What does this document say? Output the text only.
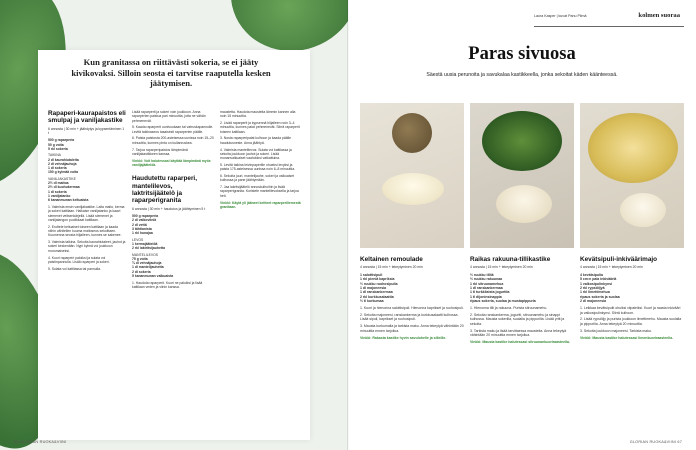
Kun granitassa on riittävästi sokeria, se ei jääty kivikovaksi. Silloin seosta ei tarvitse raaputella kesken jäätymisen.
Rapaperi-kaurapaistos eli smulpaj ja vaniljakastike
6 annosta | 30 min + jäähdytys ja kypsentäminen 1 t
500 g raparperia
50 g voita
5 rkl sokeria
TAIKINA
2 dl kaurahiutaleita
2 dl vehnäjauhoja
1 dl sokeria
150 g kylmää voita
VANILJAKASTIKE
2½ dl maitoa
2½ dl kuohukermaa
1 dl sokeria
1 vaniljatanko
6 kananmunan keltuaista

1. Valmista ensin vaniljakastike. Laita maito, kerma ja sokeri kattilaan. Halkaise vaniljatanko ja kaavi siemenet veitsenkärjellä. Lisää siemenet ja vaniljatangon puolikkaat kattilaan.

2. Erottele keltuaiset toiseen kattilaan ja kaada niihin vähitellen kuuma maitoseos sekoittaen. Kuumenna seosta hiljalleen, kunnes se sakenee.

3. Valmista taikina. Sekoita kaurahiutaleet, jauhot ja sokeri keskenään. Nypi kylmä voi joukkoon murumaiseksi.

4. Kuori raparperi paloiksi ja sulata voi paistinpannulla. Lisää raparperi ja sokeri.

5. Sulata voi kattilassa tai pannulla.

Lisää raparperit ja sokeri voin joukkoon. Anna raparperien paistua pari minuuttia, jotta ne vähän pehmenevät.

5. Kaada raparperit uunivuokaan tai vatruskapannulle. Levitä taikinaseos tasaisesti raparperien päälle.

6. Paista paistosta 200-asteisessa uunissa noin 15–20 minuuttia, kunnes pinta on kullanruskea.

7. Tarjoa raparperipaistos lämpimänä vaniljakastikkeen kanssa.

Vinkki: Voit halutessasi käyttää lämpimänä myös vaniljajäätelöä.

Haudutettu raparperi, mantelilevos, laktritsijäätelö ja raparperigranita
6 annosta | 30 min + haudutus ja jäähtyminen 5 t
500 g raparperia
2 dl valkoviiniä
2 dl vettä
3 tähtianista
1 rkl hunajaa
LEVOS
1 kermajäätelöä
2 rkl laktritsijauhetta
MANTELILEVOS
75 g voita
¾ dl vehnäjauhoja
1 dl mantelijauhetta
2 dl sokeria
5 kananmunan valkuaista

1. Haudota raparperit. Kuori ne paloiksi ja lisää kattilaan veden ja viinin kanssa.

maustetta. Haudota mausteita lämmin kannen alla noin 15 minuuttia.

2. Lisää raparperit ja kypsennä hiljalleen noin 3–4 minuuttia, kunnes palat pehmenevät. Siirrä raparperit toiseen kattilaan.

3. Nosta raparperipalat kulhoon ja kaada päälle haudutusneste. Anna jäähtyä.

4. Valmista mantelilevos. Sulata voi kattilassa ja sekoita joukkoon jauhot ja sokeri. Lisää munanvalkuaiset vaahdoksi vatkattuina.

5. Levitä taikina leivinpaperille ohueksi levyksi ja paista 175-asteisessa uunissa noin 6–8 minuuttia.

6. Sekoita juuri, mantelijauhe, sokeri ja valkuaiset kulhossa ja pane jäähtymään.

7. Jaa lakritsijäätelö annoskulhoihin ja lisää raparperigranita. Koristele mantelilevoksella ja tarjoa heti.

Vinkki: Käytä yli jääneet keitteet raparperiliemestä granitaan.

66 GLORIAN RUOKA&VIINI
Laura Kasper | kuvat Panu Pilmä	kolmen suoraa
Paras sivuosa
Säestä uusia perunoita ja savukalaa kastikkeella, jonka sekoitat käden käänteessä.
Keltainen remoulade
4 annosta | 15 min + tekeytyminen 20 min
1 salottisipuli
1 rkl pieniä kapriksia
½ ruukku ruohosipulia
1 dl majoneesia
1 dl ranskankermaa
2 rkl kurkkusalaattia
½ tl kurkumaa

1. Kuori ja hienonna salottisipuli. Hienonna kaprikset ja ruohosipuli.

2. Sekoita majoneesi, ranskankerma ja kurkkusalaatti kulhossa. Lisää sipuli, kaprikset ja ruohosipuli.

3. Mausta kurkumalla ja tarkista maku. Anna tekeytyä vähintään 20 minuuttia ennen tarjoilua.

Vinkki: Rakasta kastike hyvin savulohelle ja silleille.

Raikas rakuuna-tillikastike
4 annosta | 15 min + tekeytyminen 20 min
½ ruukku tilliä
½ ruukku rakuunaa
1 rkl sitruunamehua
1 dl ranskankermaa
1 tl turkkilaista jogurttia
1 tl dijoninsinappia
ripaus sokeria, suolaa ja mustapippuria

1. Hienonna tilli ja rakuuna. Purista sitruunamehu.

2. Sekoita ranskankerma, jogurtti, sitruunamehu ja sinappi kulhossa. Mausta sokerilla, suolalla ja pippurilla. Lisää yrtit ja sekoita.

3. Tarkista maku ja lisää tarvittaessa mausteita. Anna tekeytyä vähintään 20 minuuttia ennen tarjoilua.

Vinkki: Mausta kastike halutessasi sitruunankuoriraasteella.

Kevätsipuli-inkiväärimajo
4 annosta | 15 min + tekeytyminen 20 min
4 kevätsipulia
5 cm:n pala inkivääriä
1 valkosipulinkynsi
2 rkl rypsiöljyä
1 rkl limettimehua
ripaus sokeria ja suolaa
2 dl majoneesia

1. Leikkaa kevätsipulit ohuiksi viipaleiksi. Kuori ja raasta inkivääri ja valkosipulinkynsi. Siirrä kulhoon.

2. Lisää rypsiöljy ja purista joukkoon limettimehu. Mausta suolalla ja pippurilla. Anna tekeytyä 20 minuuttia.

3. Sekoita joukkoon majoneesi. Tarkista maku.

Vinkki: Mausta kastike halutessasi limenkuoriraasteella.

GLORIAN RUOKA&VIINI 67
